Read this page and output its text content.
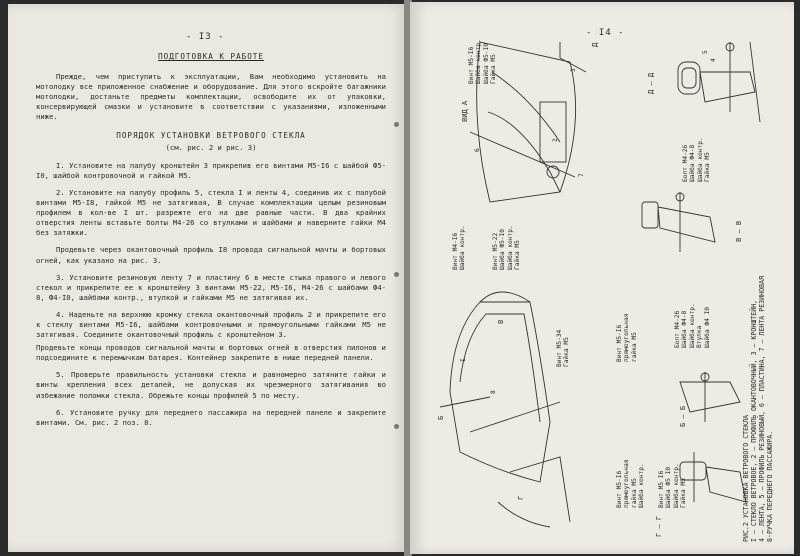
- I3 -

ПОДГОТОВКА К РАБОТЕ

Прежде, чем приступить к эксплуатации, Вам необходимо установить на мотолодку все приложенное снабжение и оборудование. Для этого вскройте багажники мотолодки, достаньте предметы комплектации, освободите их от упаковки, консервирующей смазки и установите в соответствии с указаниями, изложенными ниже.

ПОРЯДОК УСТАНОВКИ ВЕТРОВОГО СТЕКЛА

(см. рис. 2 и рис. 3)

I. Установите на палубу кронштейн 3 прикрепив его винтами М5-I6 с шайбой Ф5-I0, шайбой контровочной и гайкой М5.

2. Установите на палубу профиль 5, стекла I и ленты 4, соединив их с палубой винтами М5-I8, гайкой М5 не затягивая, В случае комплектации целым резиновым профилем в кол-ве I шт. разрежте его на две равные части. В два крайних отверстия ленты вставьте болты М4-26 со втулками и шайбами и наверните гайки М4 без затяжки.

Продевьте через окантовочный профиль I8 провода сигнальной мачты и бортовых огней, как указано на рис. 3.

3. Установите резиновую ленту 7 и пластину 6 в месте стыка правого и левого стекол и прикрепите ее к кронштейну 3 винтами М5-22, М5-I6, М4-26 с шайбами Ф4-8, Ф4-I0, шайбами контр., втулкой и гайками М5 не затягивая их.

4. Наденьте на верхнюю кромку стекла окантовочный профиль 2 и прикрепите его к стеклу винтами М5-I6, шайбами контровочными и прямоугольными гайками М5 не затягивая. Соедините окантовочный профиль с кронштейном 3.

Продевьте концы проводов сигнальной мачты и бортовых огней в отверстия пилонов и подсоедините к перемычкам батарея. Контейнер закрепите в нише передней панели.

5. Проверьте правильность установки стекла и равномерно затяните гайки и винты крепления всех деталей, не допуская их чрезмерного затягивания во избежание поломки стекла. Обрежьте концы профилей 5 по месту.

6. Установите ручку для переднего пассажира на передней панеле и закрепите винтами. См. рис. 2 поз. 8.

- I4 -
ВИД А
Д – Д
В – В
Б – Б
Г – Г
Д
Б
В
Г
Винт М5-I6
Шайба контр.
Шайба Ф5-I0
Гайка М5
Винт М4-I6
Шайба контр.
Винт М5-22
Шайба Ф5-I0
Шайба контр.
Гайка М5
Болт М4-26
Шайба Ф4-8
Шайба контр.
Гайка М5
Винт М5-I6
прямоугольная
гайка М5	Болт М4-26
Шайба Ф4-8
Шайба контр.
Втулка
Шайба Ф4 I0
Винт М5-34
Гайка М5
Винт М5 I6
Шайба Ф5 I0
Шайба контр.
Гайка М5
Винт М5-I6
прямоугольная
гайка М5
Шайба контр.
I
2
3
4
5
6
7
8
РИС.2 УСТАНОВКА ВЕТРОВОГО СТЕКЛА
I – СТЕКЛО ВЕТРОВОЕ, 2 – ПРОФИЛЬ ОКАНТОВОЧНЫЙ, 3 – КРОНШТЕЙН,
4 – ЛЕНТА, 5 – ПРОФИЛЬ РЕЗИНОВЫЙ, 6 – ПЛАСТИНА, 7 – ЛЕНТА РЕЗИНОВАЯ
8-РУЧКА ПЕРЕДНЕГО ПАССАЖИРА.
